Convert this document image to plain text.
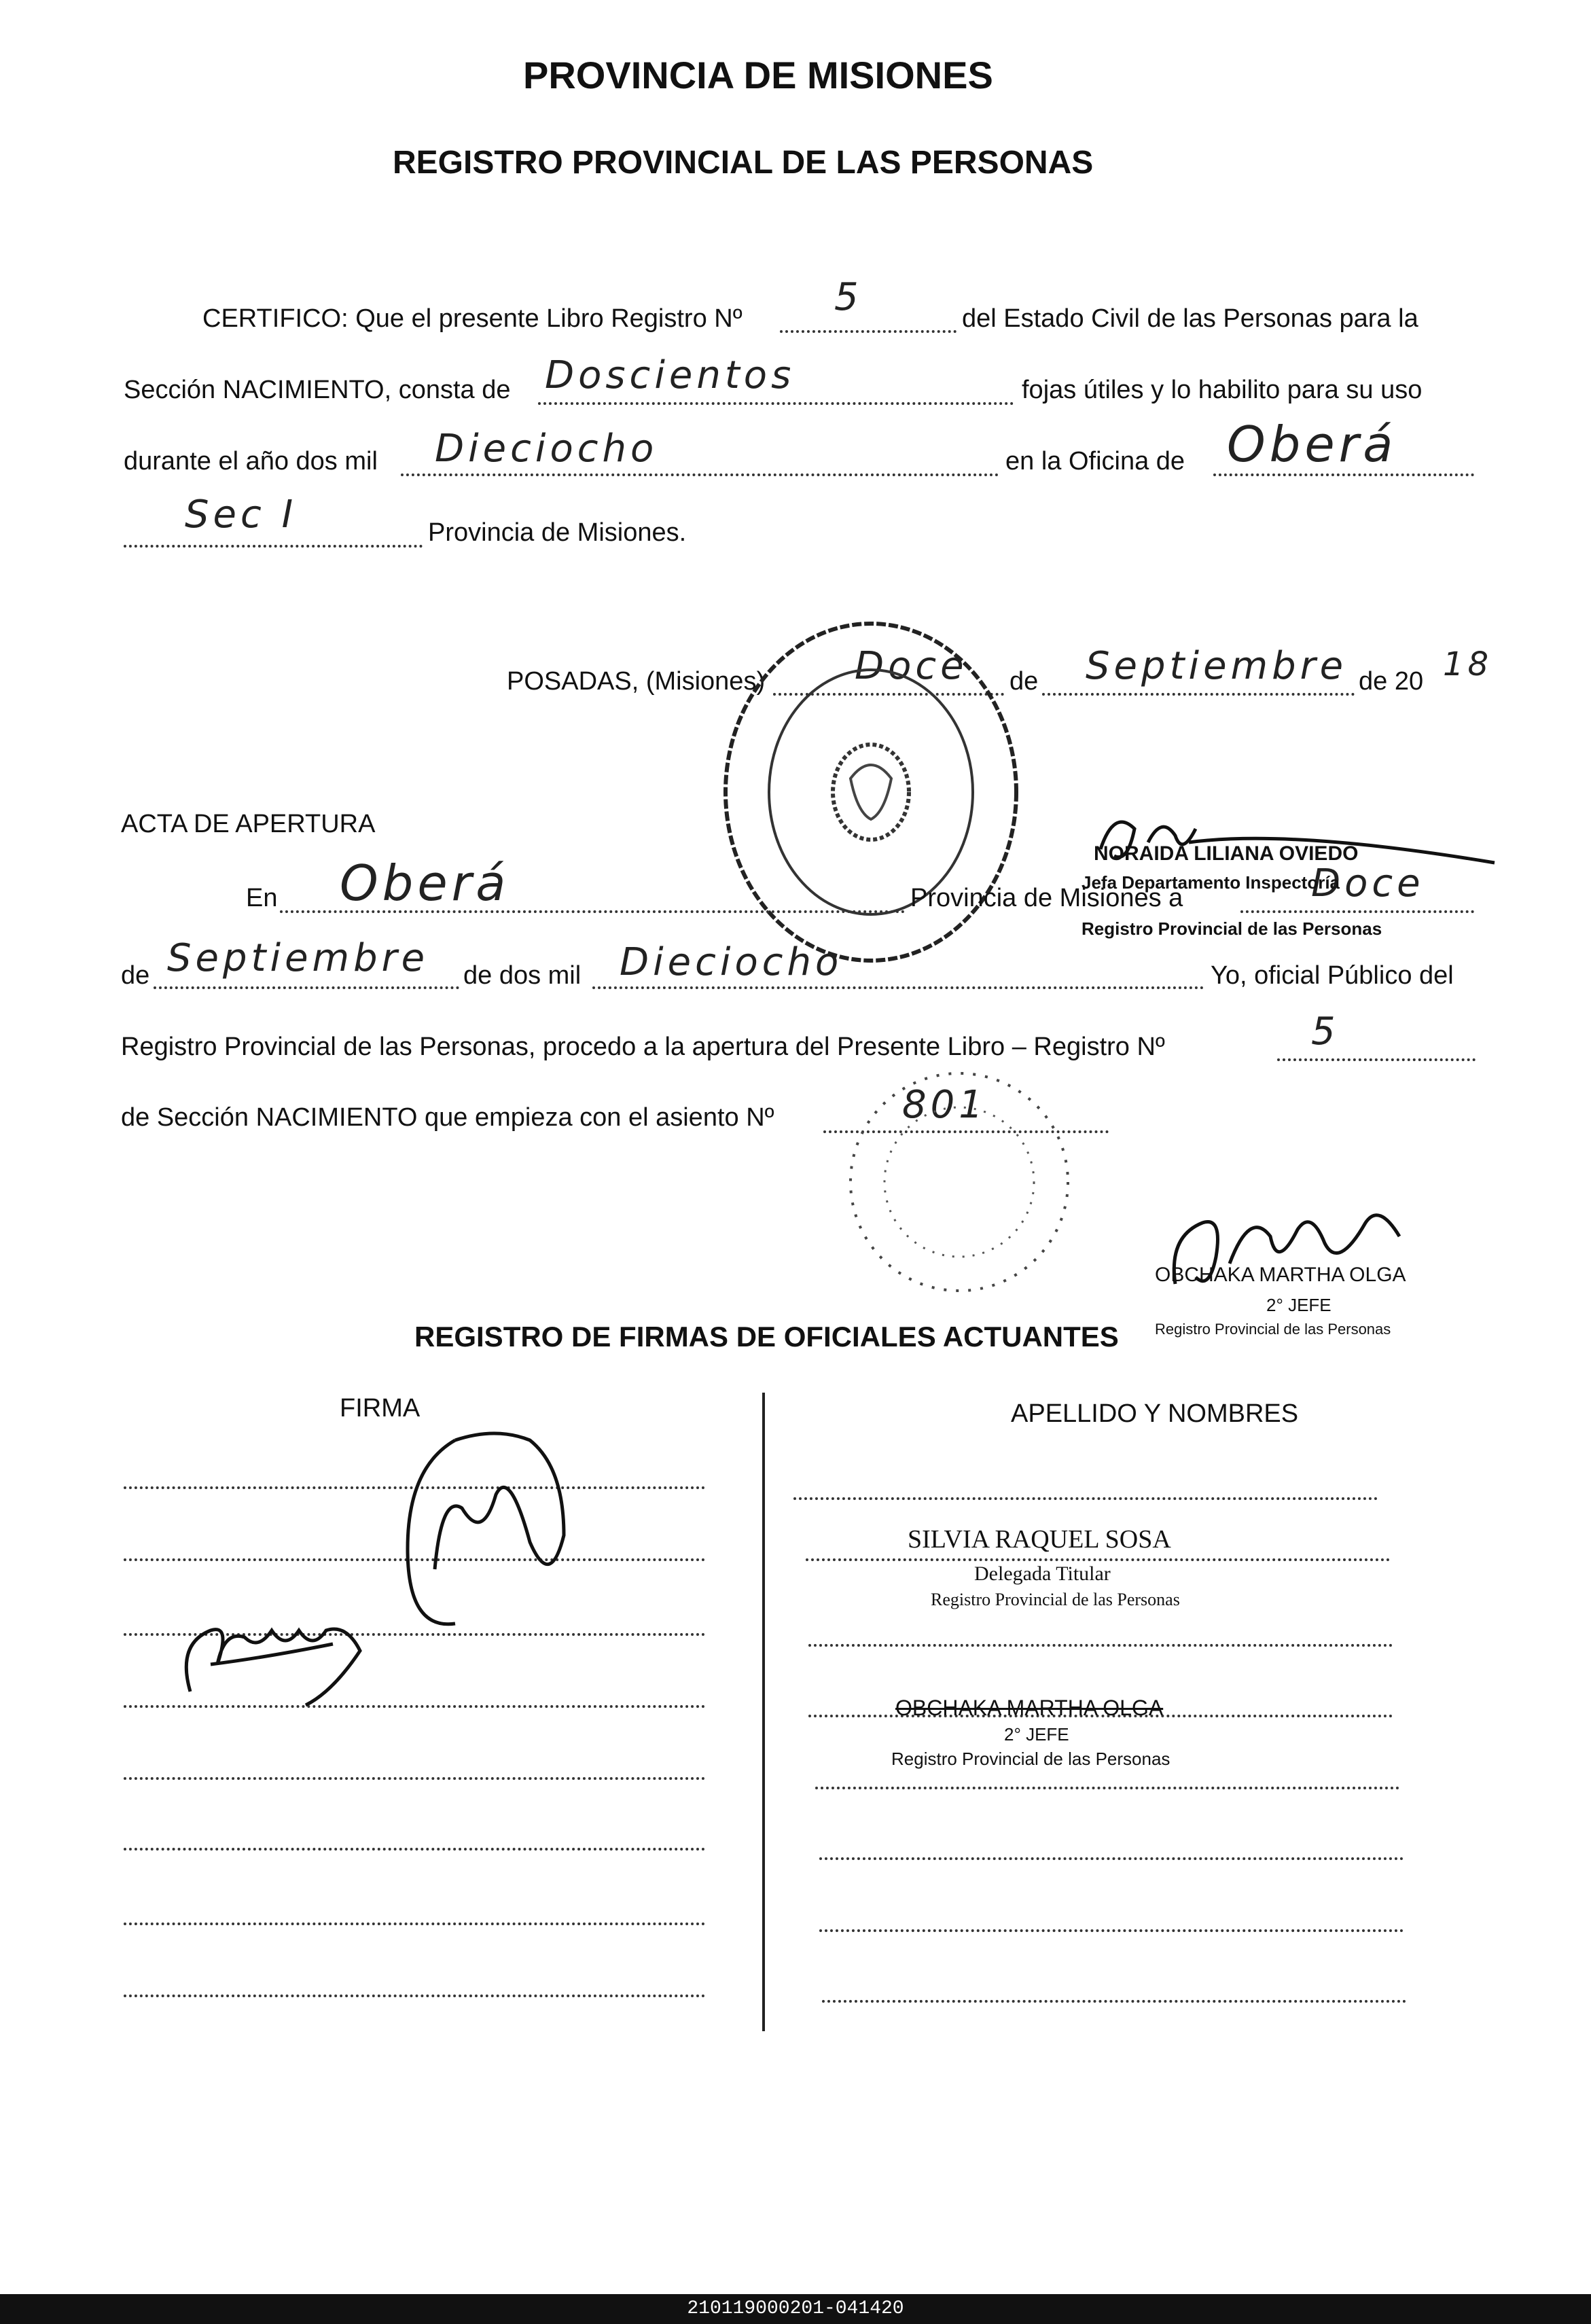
PROVINCIA DE MISIONES
REGISTRO PROVINCIAL DE LAS PERSONAS
CERTIFICO: Que el presente Libro Registro Nº 5	del Estado Civil de las Personas para la
Sección NACIMIENTO, consta de Doscientos	fojas útiles y lo habilito para su uso
durante el año dos mil Dieciocho	en la Oficina de Oberá
Sec I	Provincia de Misiones.
POSADAS, (Misiones) Doce de Septiembre de 20 18
ACTA DE APERTURA
En Oberá	Provincia de Misiones a	Doce
de Septiembre de dos mil Dieciocho	Yo, oficial Público del
Registro Provincial de las Personas, procedo a la apertura del Presente Libro – Registro Nº	5
de Sección NACIMIENTO que empieza con el asiento Nº	801
NORAIDA LILIANA OVIEDO
Jefa Departamento Inspectoría
Registro Provincial de las Personas
OBCHAKA MARTHA OLGA
2° JEFE
Registro Provincial de las Personas
REGISTRO DE FIRMAS DE OFICIALES ACTUANTES
FIRMA	APELLIDO Y NOMBRES
SILVIA RAQUEL SOSA
Delegada Titular
Registro Provincial de las Personas
OBCHAKA MARTHA OLGA
2° JEFE
Registro Provincial de las Personas
210119000201-041420
